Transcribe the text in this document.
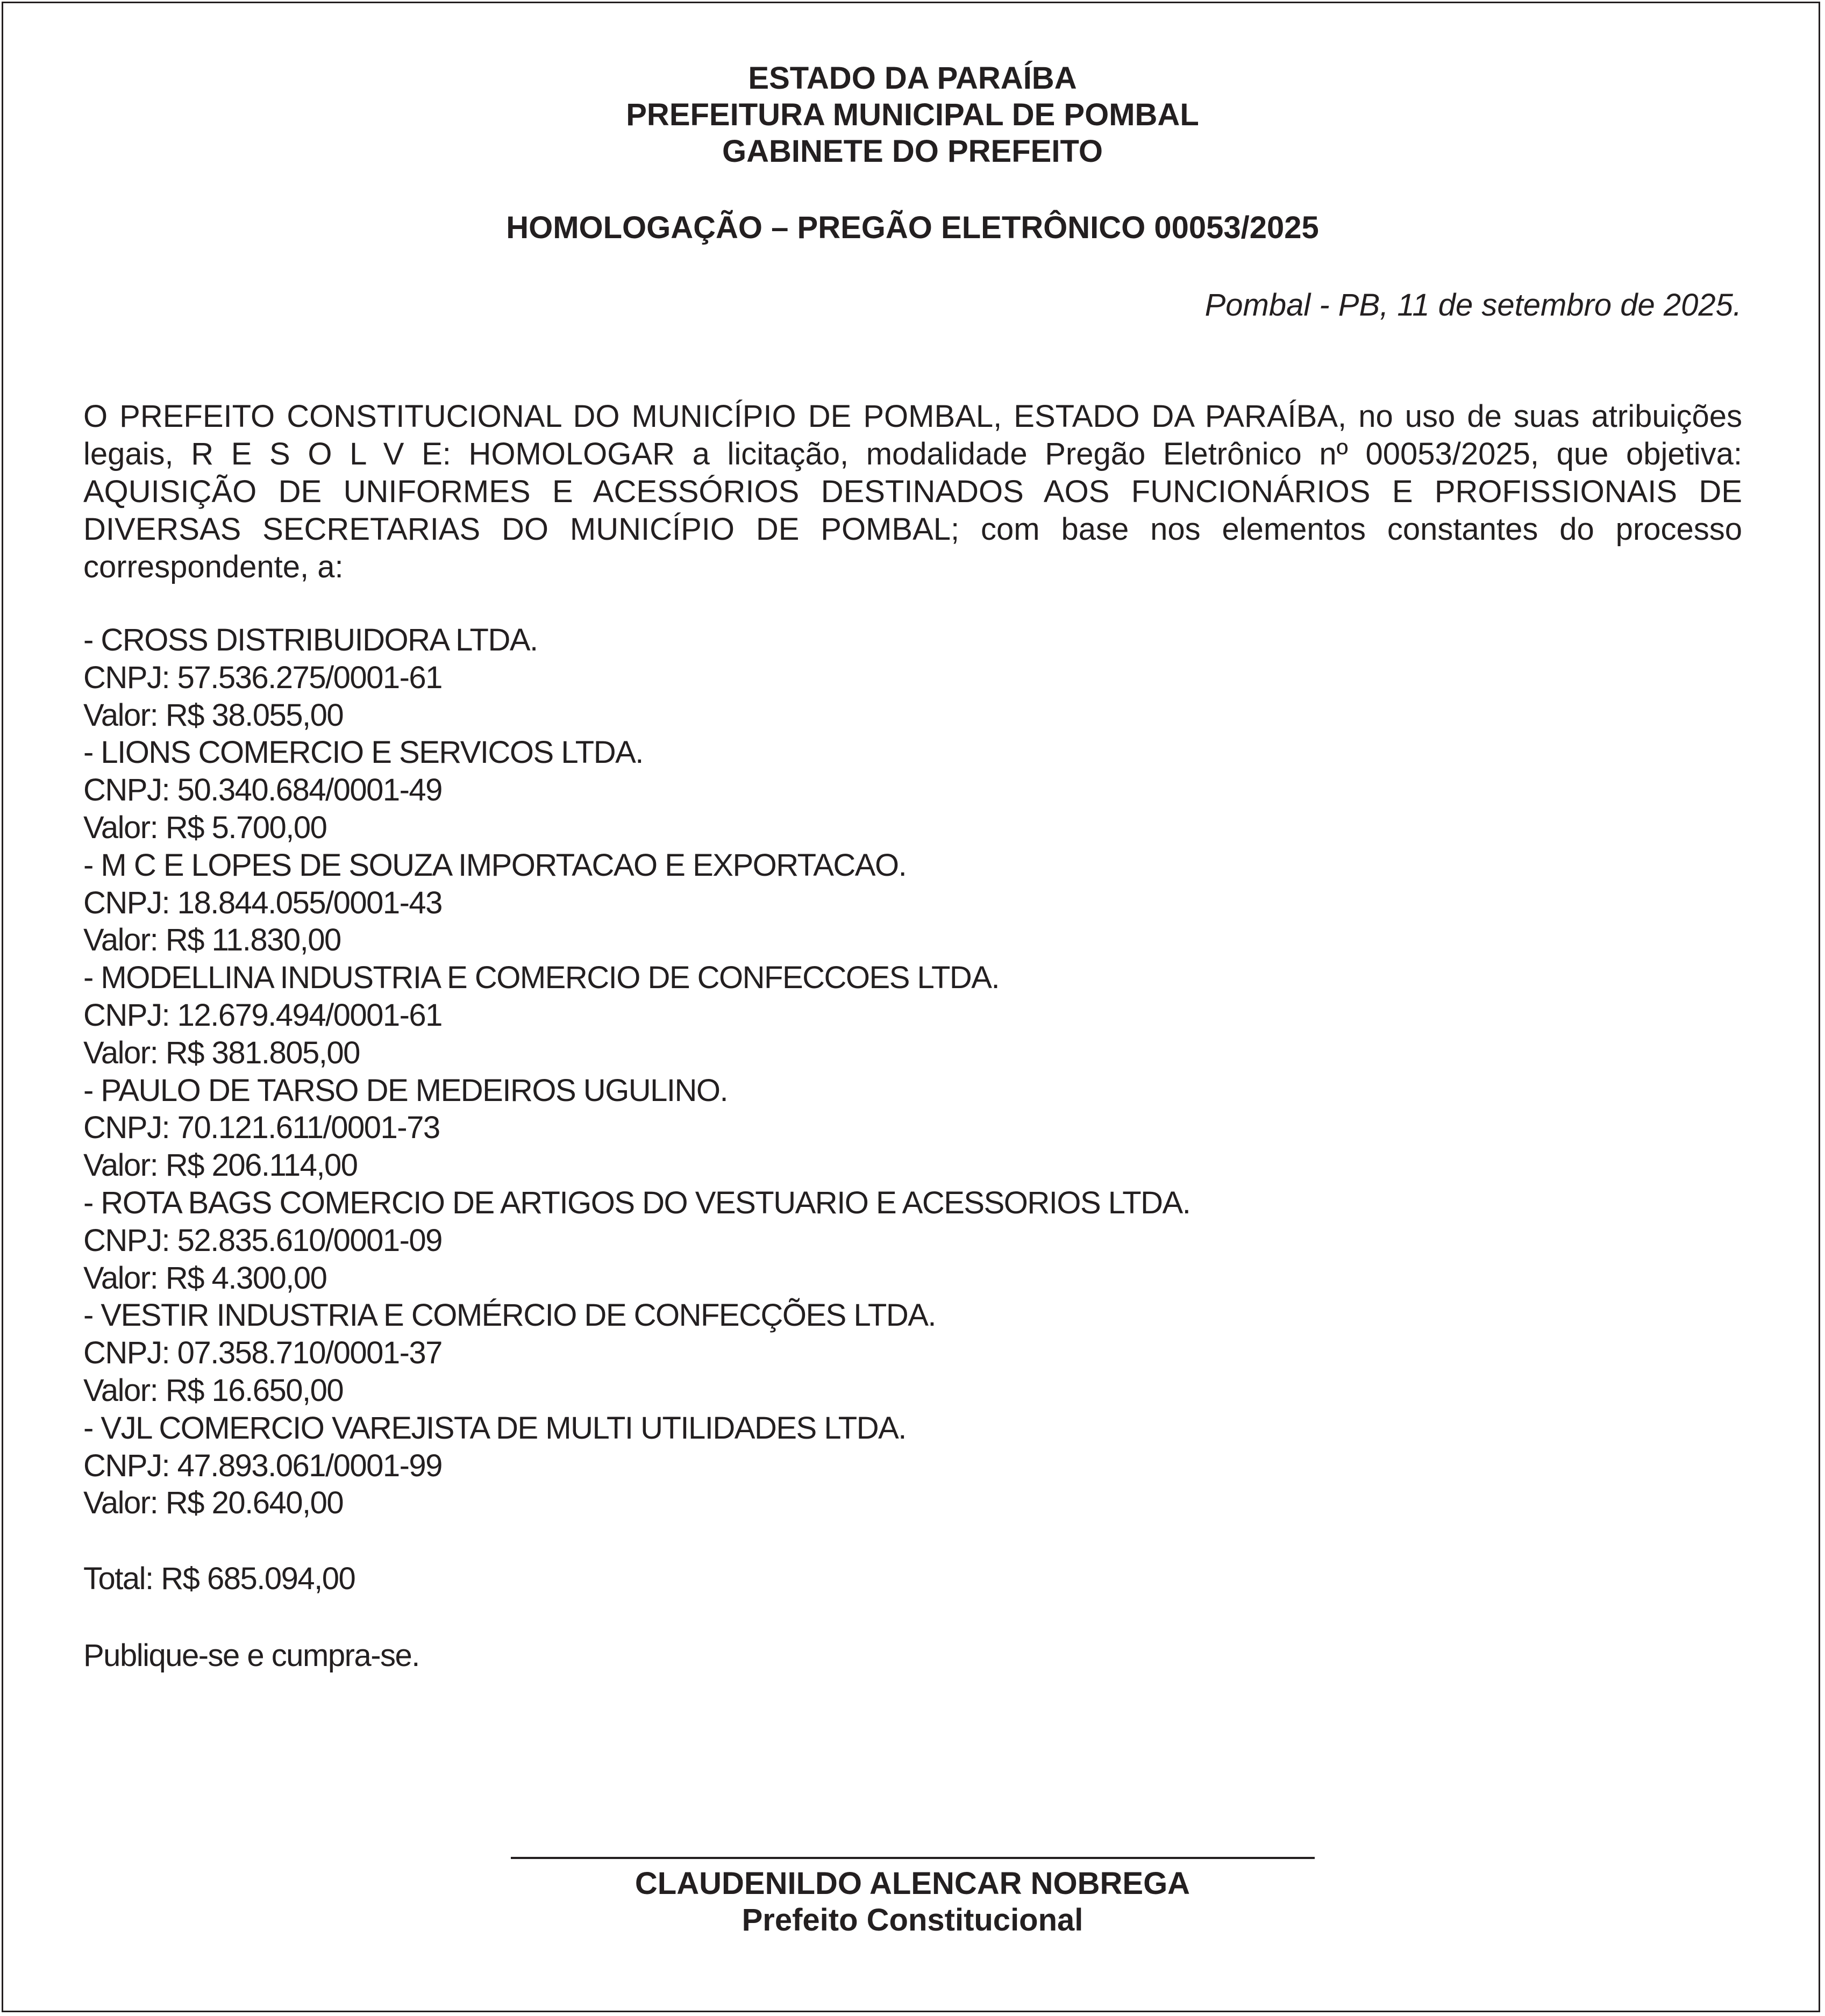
ESTADO DA PARAÍBA
PREFEITURA MUNICIPAL DE POMBAL
GABINETE DO PREFEITO
HOMOLOGAÇÃO – PREGÃO ELETRÔNICO 00053/2025
Pombal - PB, 11 de setembro de 2025.
O PREFEITO CONSTITUCIONAL DO MUNICÍPIO DE POMBAL, ESTADO DA PARAÍBA, no uso de suas atribuições legais, R E S O L V E: HOMOLOGAR a licitação, modalidade Pregão Eletrônico nº 00053/2025, que objetiva: AQUISIÇÃO DE UNIFORMES E ACESSÓRIOS DESTINADOS AOS FUNCIONÁRIOS E PROFISSIONAIS DE DIVERSAS SECRETARIAS DO MUNICÍPIO DE POMBAL; com base nos elementos constantes do processo correspondente, a:
- CROSS DISTRIBUIDORA LTDA.
CNPJ: 57.536.275/0001-61
Valor: R$ 38.055,00
- LIONS COMERCIO E SERVICOS LTDA.
CNPJ: 50.340.684/0001-49
Valor: R$ 5.700,00
- M C E LOPES DE SOUZA IMPORTACAO E EXPORTACAO.
CNPJ: 18.844.055/0001-43
Valor: R$ 11.830,00
- MODELLINA INDUSTRIA E COMERCIO DE CONFECCOES LTDA.
CNPJ: 12.679.494/0001-61
Valor: R$ 381.805,00
- PAULO DE TARSO DE MEDEIROS UGULINO.
CNPJ: 70.121.611/0001-73
Valor: R$ 206.114,00
- ROTA BAGS COMERCIO DE ARTIGOS DO VESTUARIO E ACESSORIOS LTDA.
CNPJ: 52.835.610/0001-09
Valor: R$ 4.300,00
- VESTIR INDUSTRIA E COMÉRCIO DE CONFECÇÕES LTDA.
CNPJ: 07.358.710/0001-37
Valor: R$ 16.650,00
- VJL COMERCIO VAREJISTA DE MULTI UTILIDADES LTDA.
CNPJ: 47.893.061/0001-99
Valor: R$ 20.640,00
Total: R$ 685.094,00
Publique-se e cumpra-se.
CLAUDENILDO ALENCAR NOBREGA
Prefeito Constitucional
